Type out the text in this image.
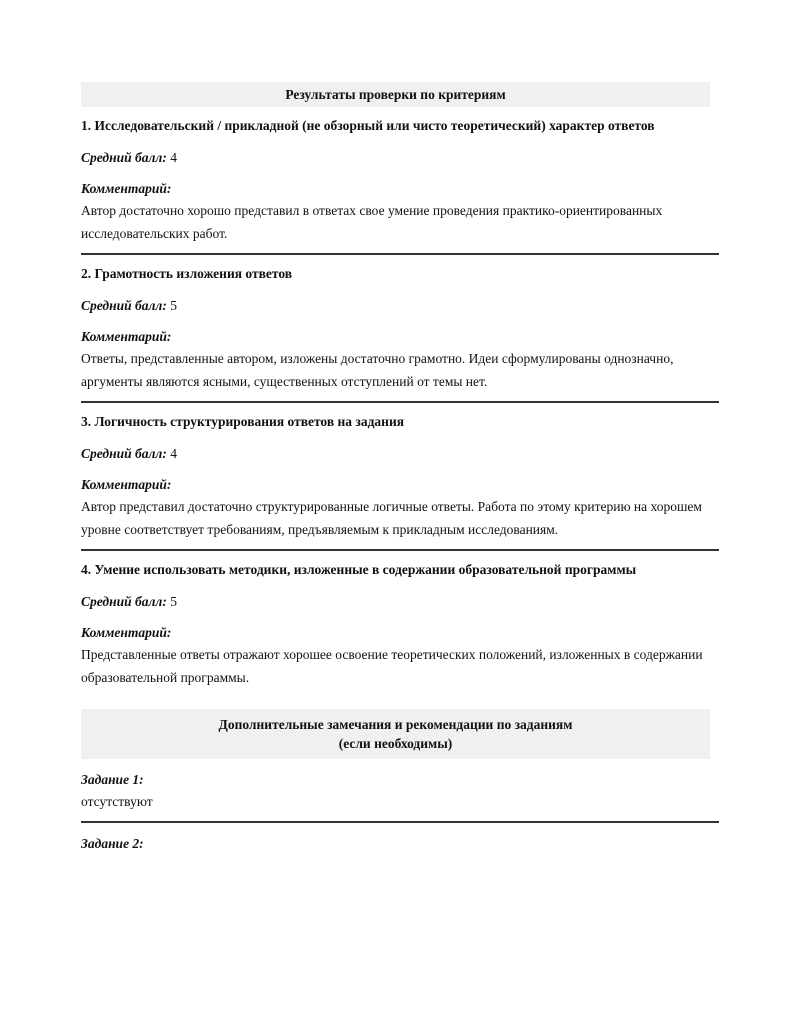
Результаты проверки по критериям

1. Исследовательский / прикладной (не обзорный или чисто теоретический) характер ответов

Средний балл: 4
Комментарий:

Автор достаточно хорошо представил в ответах свое умение проведения практико-ориентированных исследовательских работ.

2. Грамотность изложения ответов

Средний балл: 5
Комментарий:

Ответы, представленные автором, изложены достаточно грамотно. Идеи сформулированы однозначно, аргументы являются ясными, существенных отступлений от темы нет.

3. Логичность структурирования ответов на задания

Средний балл: 4
Комментарий:

Автор представил достаточно структурированные логичные ответы. Работа по этому критерию на хорошем уровне соответствует требованиям, предъявляемым к прикладным исследованиям.

4. Умение использовать методики, изложенные в содержании образовательной программы

Средний балл: 5
Комментарий:

Представленные ответы отражают хорошее освоение теоретических положений, изложенных в содержании образовательной программы.

Дополнительные замечания и рекомендации по заданиям
(если необходимы)
Задание 1:
отсутствуют
Задание 2:
